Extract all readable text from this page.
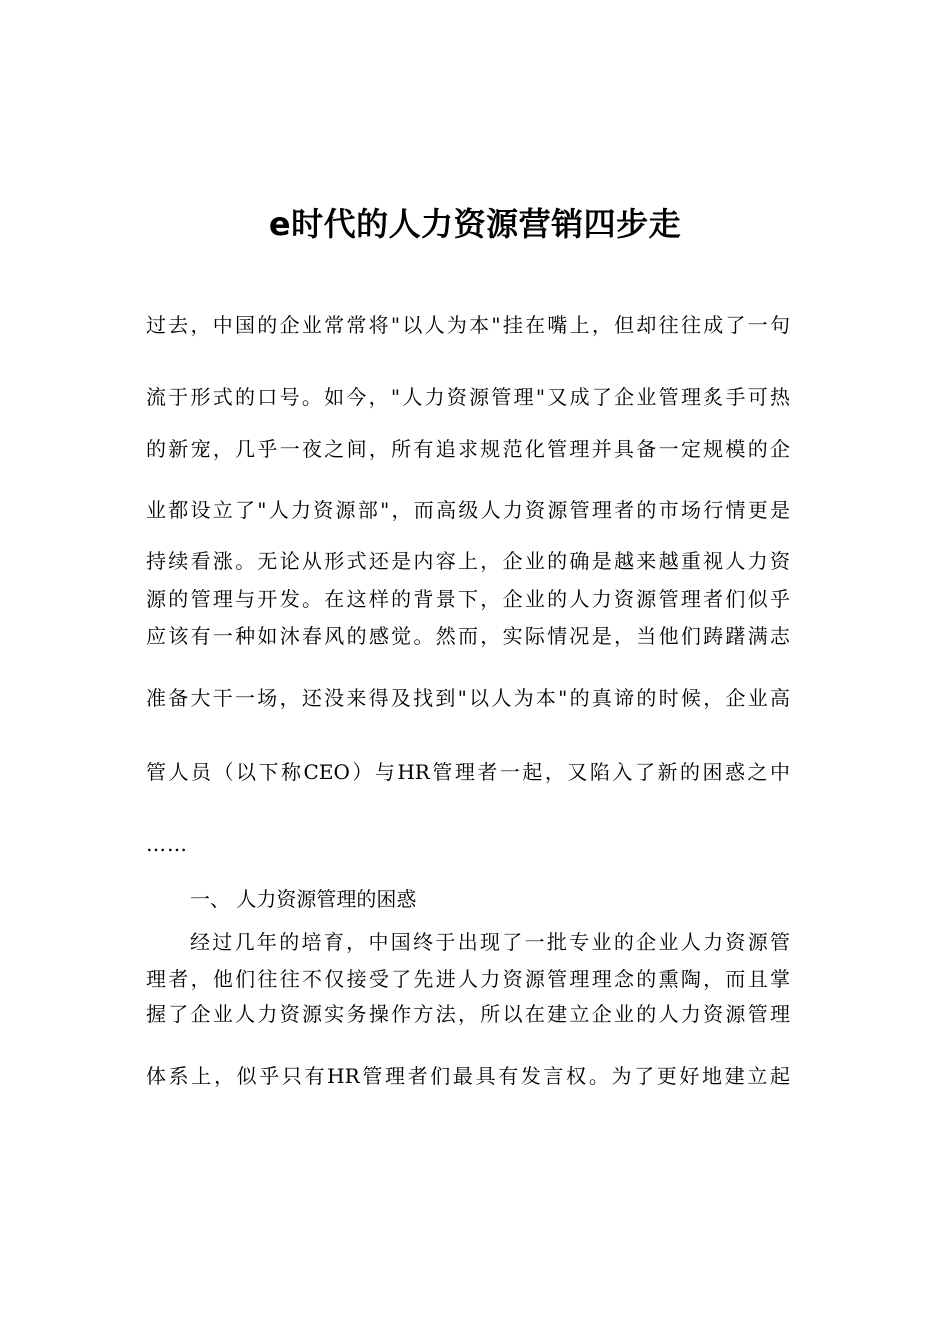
e时代的人力资源营销四步走
过去，中国的企业常常将"以人为本"挂在嘴上，但却往往成了一句
流于形式的口号。如今，"人力资源管理"又成了企业管理炙手可热
的新宠，几乎一夜之间，所有追求规范化管理并具备一定规模的企
业都设立了"人力资源部"，而高级人力资源管理者的市场行情更是
持续看涨。无论从形式还是内容上，企业的确是越来越重视人力资
源的管理与开发。在这样的背景下，企业的人力资源管理者们似乎
应该有一种如沐春风的感觉。然而，实际情况是，当他们踌躇满志
准备大干一场，还没来得及找到"以人为本"的真谛的时候，企业高
管人员（以下称CEO）与HR管理者一起，又陷入了新的困惑之中
……
一、 人力资源管理的困惑
经过几年的培育，中国终于出现了一批专业的企业人力资源管
理者，他们往往不仅接受了先进人力资源管理理念的熏陶，而且掌
握了企业人力资源实务操作方法，所以在建立企业的人力资源管理
体系上，似乎只有HR管理者们最具有发言权。为了更好地建立起
